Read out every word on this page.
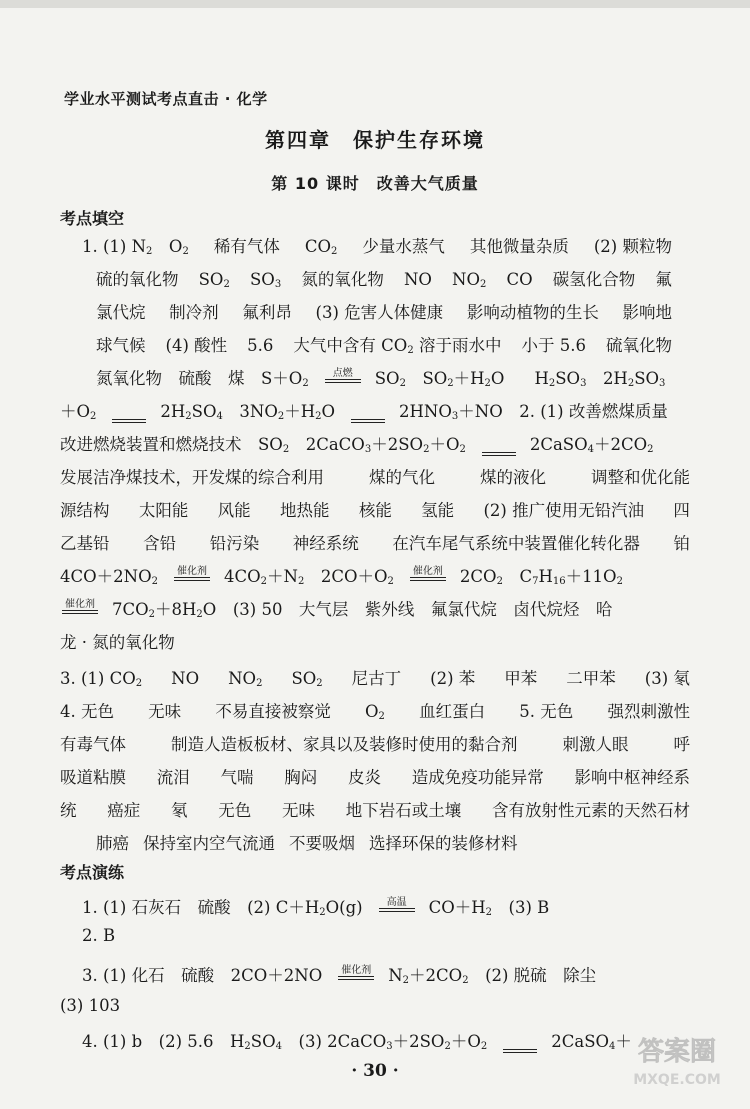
学业水平测试考点直击 · 化学
第四章　保护生存环境
第 10 课时　改善大气质量
考点填空
1. (1) $N_2$　$O_2$ 稀有气体 $CO_2$ 少量水蒸气 其他微量杂质 (2) 颗粒物
硫的氧化物 $SO_2$ $SO_3$ 氮的氧化物 NO $NO_2$ CO 碳氢化合物 氟
氯代烷 制冷剂 氟利昂 (3) 危害人体健康 影响动植物的生长 影响地
球气候 (4) 酸性 5.6 大气中含有 $CO_2$ 溶于雨水中 小于 5.6 硫氧化物
氮氧化物　硫酸　煤　$S+O_2$
点燃 $SO_2$　$SO_2+H_2O$ $H_2SO_3$　$2H_2SO_3$
$+O_2$	$2H_2SO_4$　$3NO_2+H_2O$	$2HNO_3+NO$　2. (1) 改善燃煤质量
改进燃烧装置和燃烧技术　$SO_2$　$2CaCO_3+2SO_2+O_2$	$2CaSO_4+2CO_2$
发展洁净煤技术，开发煤的综合利用	煤的气化	煤的液化	调整和优化能
源结构 太阳能 风能 地热能 核能 氢能 (2) 推广使用无铅汽油 四
乙基铅 含铅 铅污染 神经系统 在汽车尾气系统中装置催化转化器 铂
$4CO+2NO_2$
催化剂 $4CO_2+N_2$　$2CO+O_2$
催化剂 $2CO_2$　$C_7H_{16}+11O_2$
催化剂 $7CO_2+8H_2O$　(3) 50　大气层　紫外线　氟氯代烷　卤代烷烃　哈
龙 · 氮的氧化物
3. (1) $CO_2$ NO $NO_2$ $SO_2$ 尼古丁 (2) 苯 甲苯 二甲苯 (3) 氡
4. 无色 无味 不易直接被察觉 $O_2$ 血红蛋白 5. 无色 强烈刺激性
有毒气体	制造人造板板材、家具以及装修时使用的黏合剂	刺激人眼	呼
吸道粘膜 流泪 气喘 胸闷 皮炎 造成免疫功能异常 影响中枢神经系
统 癌症 氡 无色 无味 地下岩石或土壤 含有放射性元素的天然石材
肺癌 保持室内空气流通 不要吸烟 选择环保的装修材料
考点演练
1. (1) 石灰石　硫酸　(2) $C+H_2O(g)$ 高温 $CO+H_2$　(3) B
2. B
3. (1) 化石　硫酸　2CO＋2NO 催化剂 $N_2+2CO_2$　(2) 脱硫　除尘
(3) 103
4. (1) b　(2) 5.6　$H_2SO_4$　(3) $2CaCO_3+2SO_2+O_2$	2CaSO$_4$＋
· 30 ·
答案圈
MXQE.COM
